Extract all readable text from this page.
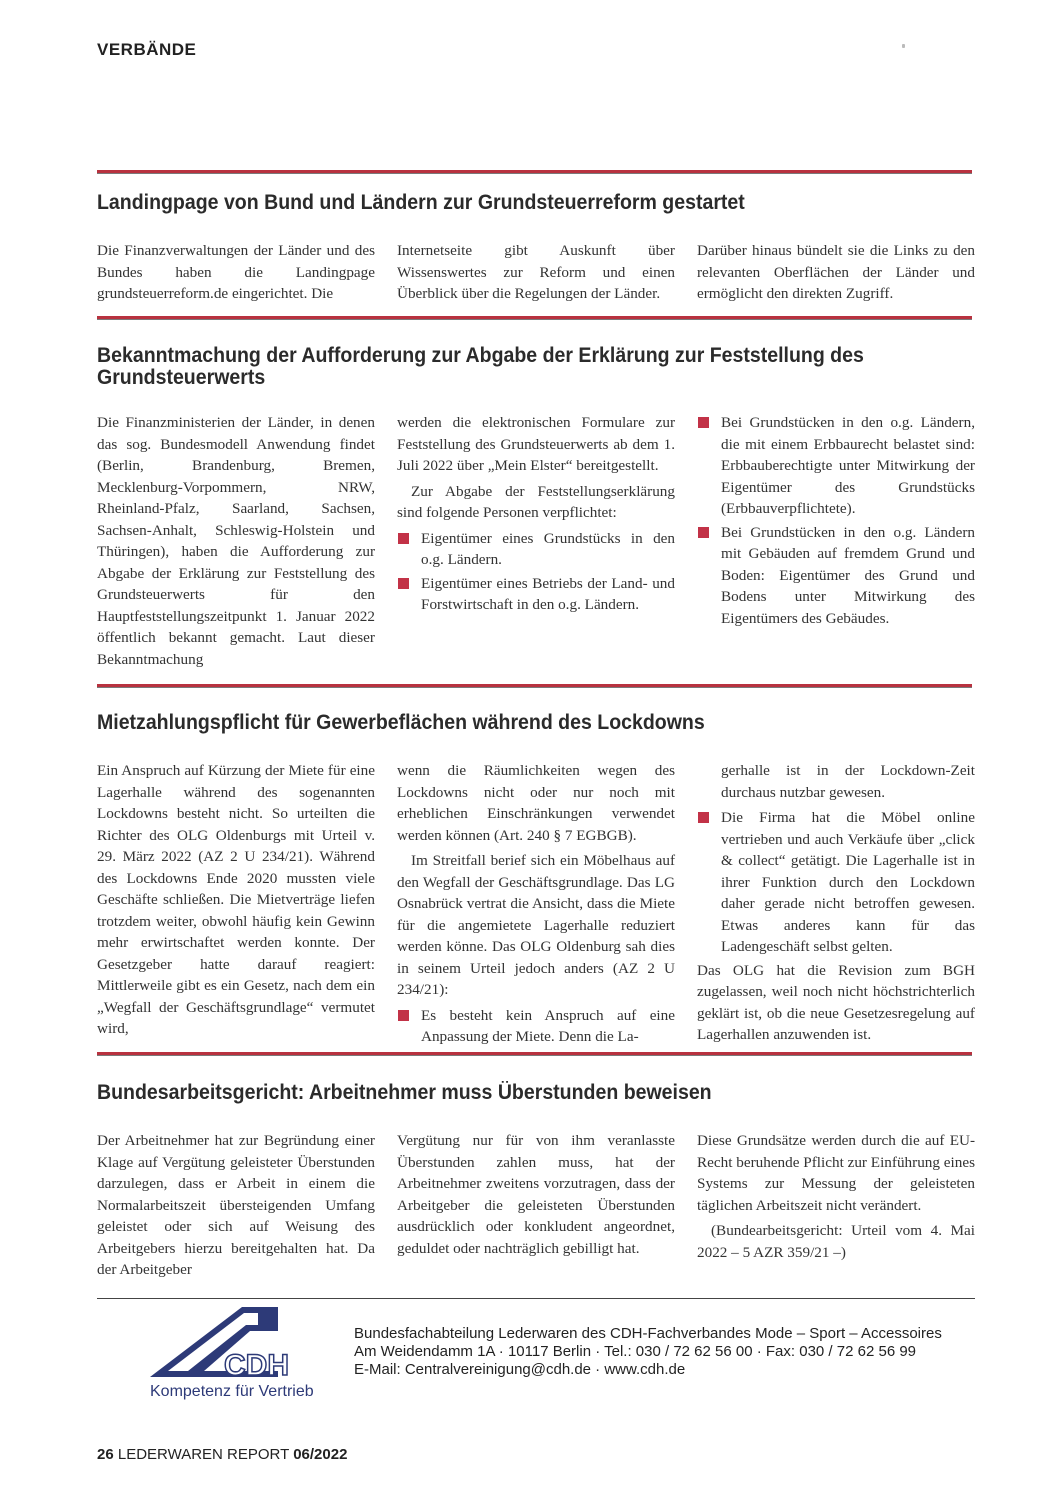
VERBÄNDE
Landingpage von Bund und Ländern zur Grundsteuerreform gestartet

Die Finanzverwaltungen der Länder und des Bundes haben die Landingpage grundsteuerreform.de eingerichtet. Die

Internetseite gibt Auskunft über Wissenswertes zur Reform und einen Überblick über die Regelungen der Länder.

Darüber hinaus bündelt sie die Links zu den relevanten Oberflächen der Länder und ermöglicht den direkten Zugriff.

Bekanntmachung der Aufforderung zur Abgabe der Erklärung zur Feststellung des Grundsteuerwerts

Die Finanzministerien der Länder, in denen das sog. Bundesmodell Anwendung findet (Berlin, Brandenburg, Bremen, Mecklenburg-Vorpommern, NRW, Rheinland-Pfalz, Saarland, Sachsen, Sachsen-Anhalt, Schleswig-Holstein und Thüringen), haben die Aufforderung zur Abgabe der Erklärung zur Feststellung des Grundsteuerwerts für den Hauptfeststellungszeitpunkt 1. Januar 2022 öffentlich bekannt gemacht. Laut dieser Bekanntmachung

werden die elektronischen Formulare zur Feststellung des Grundsteuerwerts ab dem 1. Juli 2022 über „Mein Elster“ bereitgestellt.

Zur Abgabe der Feststellungserklärung sind folgende Personen verpflichtet:

Eigentümer eines Grundstücks in den o.g. Ländern.
Eigentümer eines Betriebs der Land- und Forstwirtschaft in den o.g. Ländern.
Bei Grundstücken in den o.g. Ländern, die mit einem Erbbaurecht belastet sind: Erbbauberechtigte unter Mitwirkung der Eigentümer des Grundstücks (Erbbauverpflichtete).
Bei Grundstücken in den o.g. Ländern mit Gebäuden auf fremdem Grund und Boden: Eigentümer des Grund und Bodens unter Mitwirkung des Eigentümers des Gebäudes.
Mietzahlungspflicht für Gewerbeflächen während des Lockdowns

Ein Anspruch auf Kürzung der Miete für eine Lagerhalle während des sogenannten Lockdowns besteht nicht. So urteilten die Richter des OLG Oldenburgs mit Urteil v. 29. März 2022 (AZ 2 U 234/21). Während des Lockdowns Ende 2020 mussten viele Geschäfte schließen. Die Mietverträge liefen trotzdem weiter, obwohl häufig kein Gewinn mehr erwirtschaftet werden konnte. Der Gesetzgeber hatte darauf reagiert: Mittlerweile gibt es ein Gesetz, nach dem ein „Wegfall der Geschäftsgrundlage“ vermutet wird,

wenn die Räumlichkeiten wegen des Lockdowns nicht oder nur noch mit erheblichen Einschränkungen verwendet werden können (Art. 240 § 7 EGBGB).

Im Streitfall berief sich ein Möbelhaus auf den Wegfall der Geschäftsgrundlage. Das LG Osnabrück vertrat die Ansicht, dass die Miete für die angemietete Lagerhalle reduziert werden könne. Das OLG Oldenburg sah dies in seinem Urteil jedoch anders (AZ 2 U 234/21):

Es besteht kein Anspruch auf eine Anpassung der Miete. Denn die La-

gerhalle ist in der Lockdown-Zeit durchaus nutzbar gewesen.

Die Firma hat die Möbel online vertrieben und auch Verkäufe über „click & collect“ getätigt. Die Lagerhalle ist in ihrer Funktion durch den Lockdown daher gerade nicht betroffen gewesen. Etwas anderes kann für das Ladengeschäft selbst gelten.

Das OLG hat die Revision zum BGH zugelassen, weil noch nicht höchstrichterlich geklärt ist, ob die neue Gesetzesregelung auf Lagerhallen anzuwenden ist.

Bundesarbeitsgericht: Arbeitnehmer muss Überstunden beweisen

Der Arbeitnehmer hat zur Begründung einer Klage auf Vergütung geleisteter Überstunden darzulegen, dass er Arbeit in einem die Normalarbeitszeit übersteigenden Umfang geleistet oder sich auf Weisung des Arbeitgebers hierzu bereitgehalten hat. Da der Arbeitgeber

Vergütung nur für von ihm veranlasste Überstunden zahlen muss, hat der Arbeitnehmer zweitens vorzutragen, dass der Arbeitgeber die geleisteten Überstunden ausdrücklich oder konkludent angeordnet, geduldet oder nachträglich gebilligt hat.

Diese Grundsätze werden durch die auf EU-Recht beruhende Pflicht zur Einführung eines Systems zur Messung der geleisteten täglichen Arbeitszeit nicht verändert.

(Bundearbeitsgericht: Urteil vom 4. Mai 2022 – 5 AZR 359/21 –)

CDH
Kompetenz für Vertrieb
Bundesfachabteilung Lederwaren des CDH-Fachverbandes Mode – Sport – Accessoires
Am Weidendamm 1A · 10117 Berlin · Tel.: 030 / 72 62 56 00 · Fax: 030 / 72 62 56 99
E-Mail: Centralvereinigung@cdh.de · www.cdh.de
26 LEDERWAREN REPORT 06/2022
